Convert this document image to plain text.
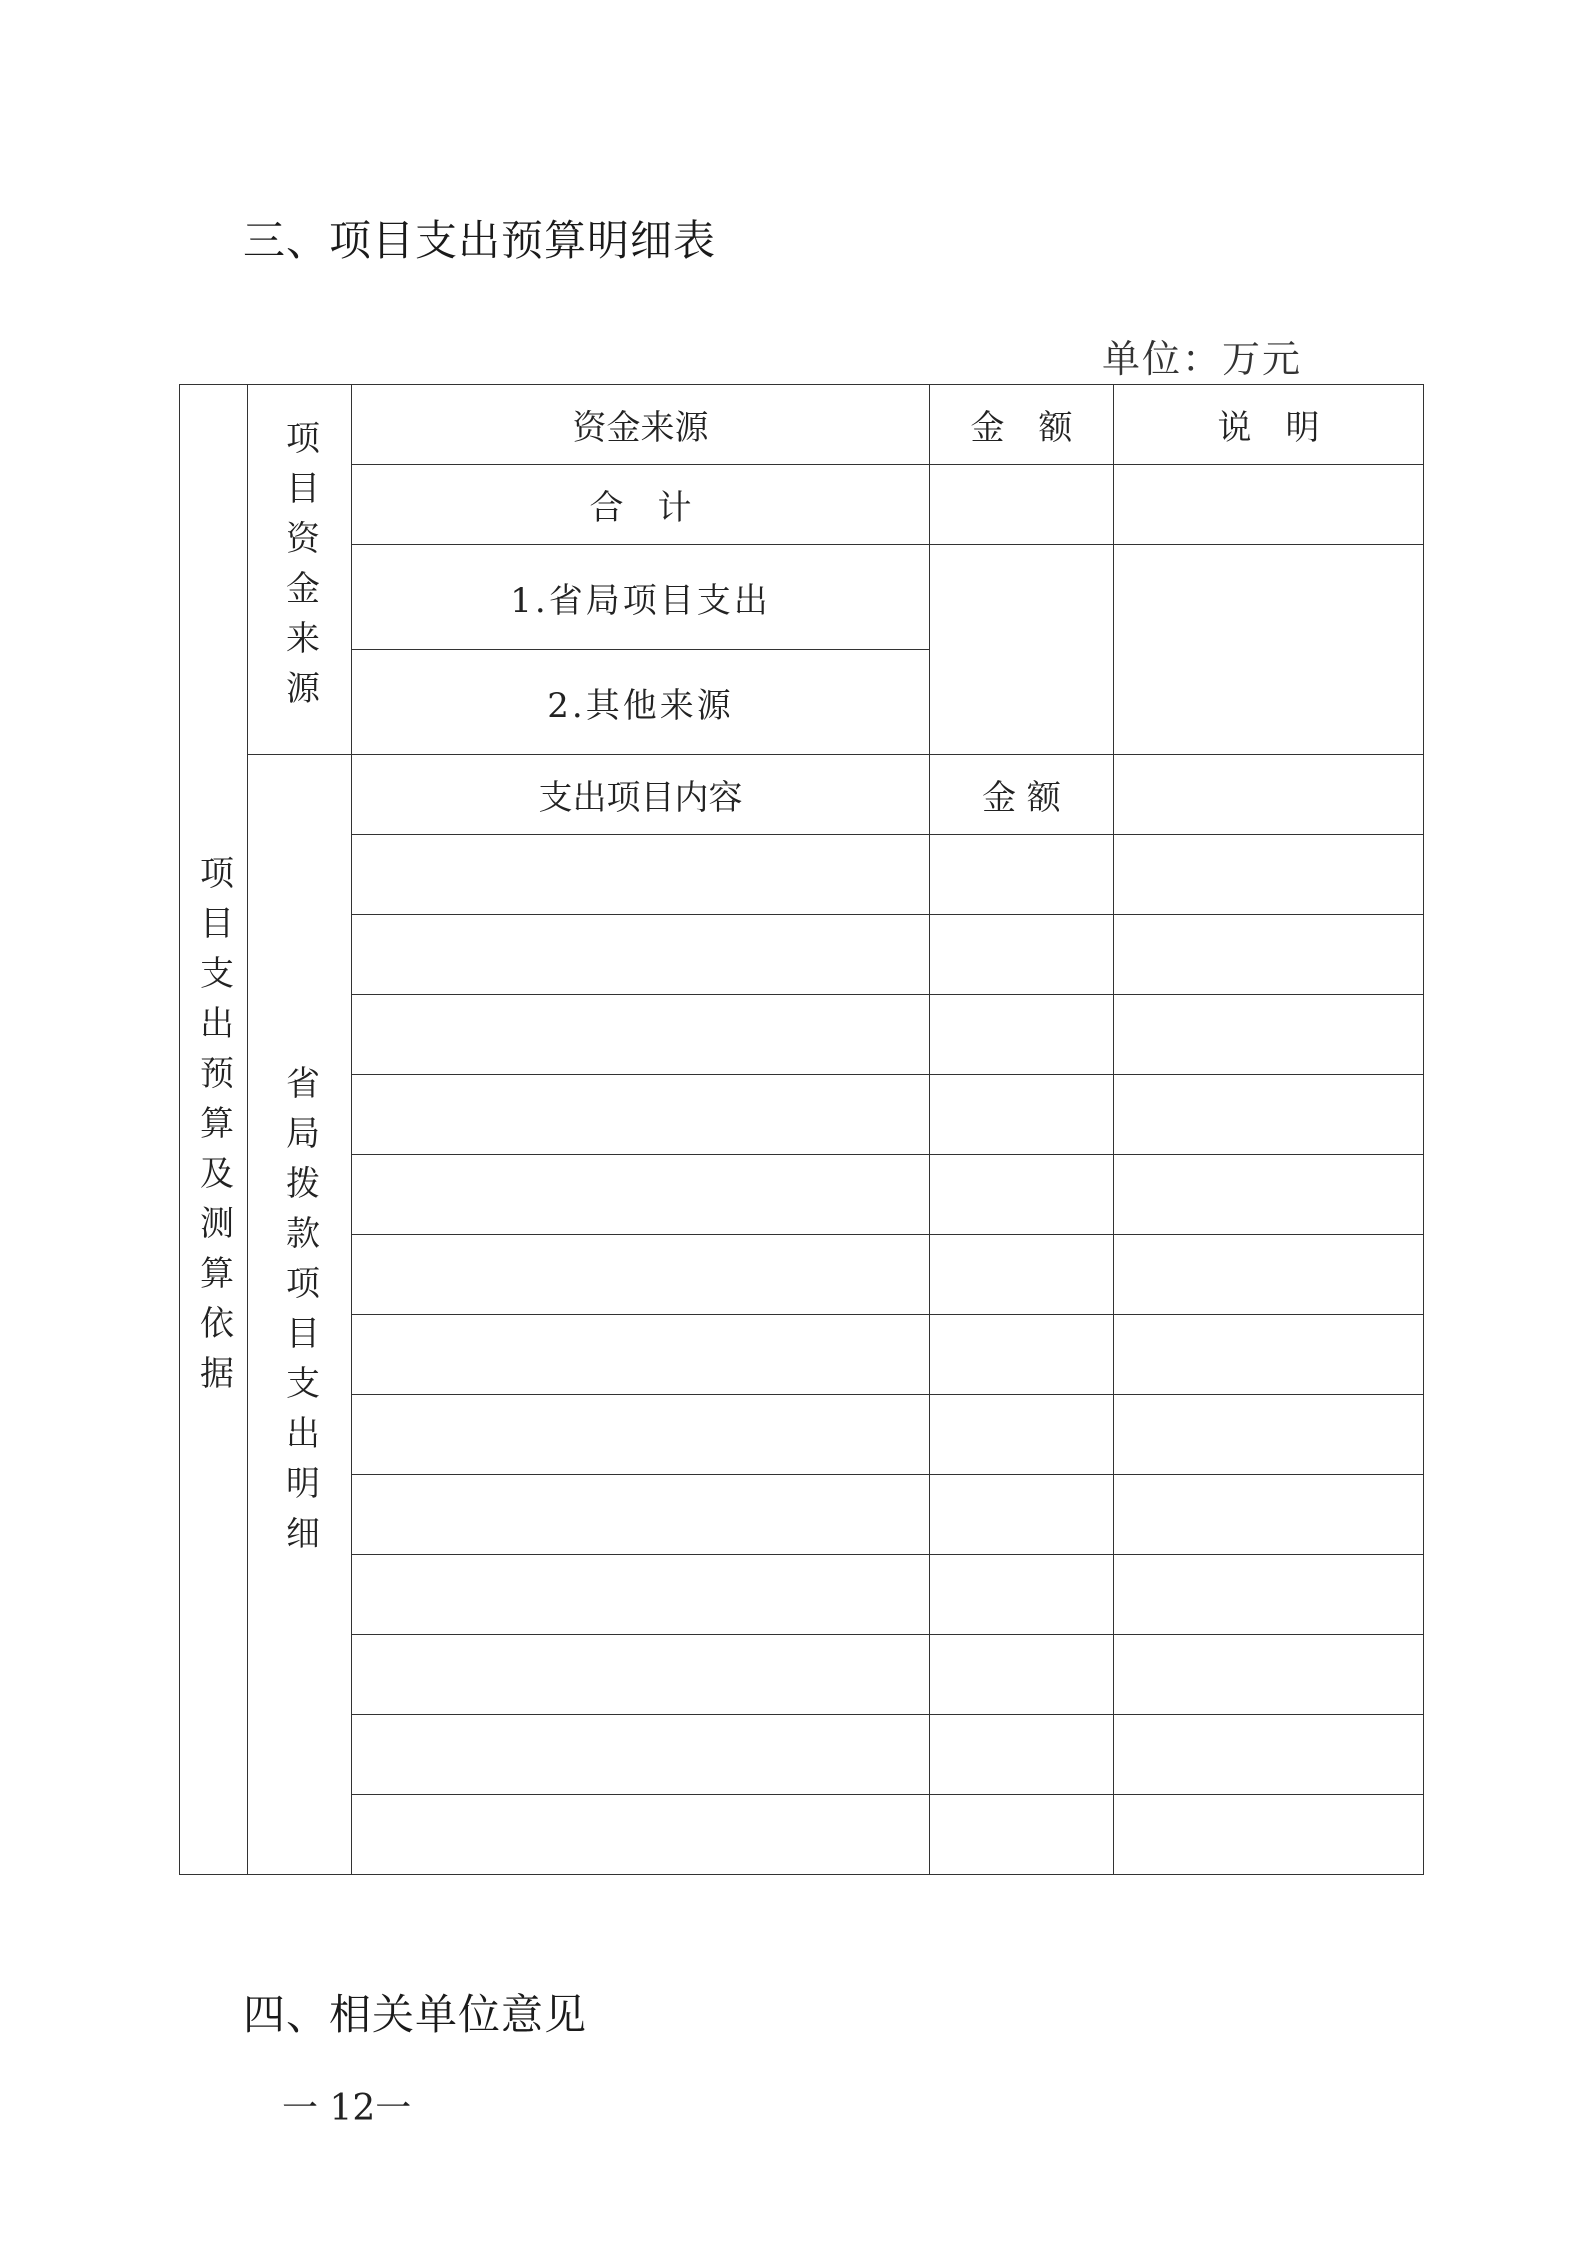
三、项目支出预算明细表
单位：万元
项目支出预算及测算依据	项目资金来源	资金来源	金　额	说　明
		合　计		
		1.省局项目支出		
		2.其他来源		

	省局拨款项目支出明细	支出项目内容	金 额	

四、相关单位意见
一 12一
